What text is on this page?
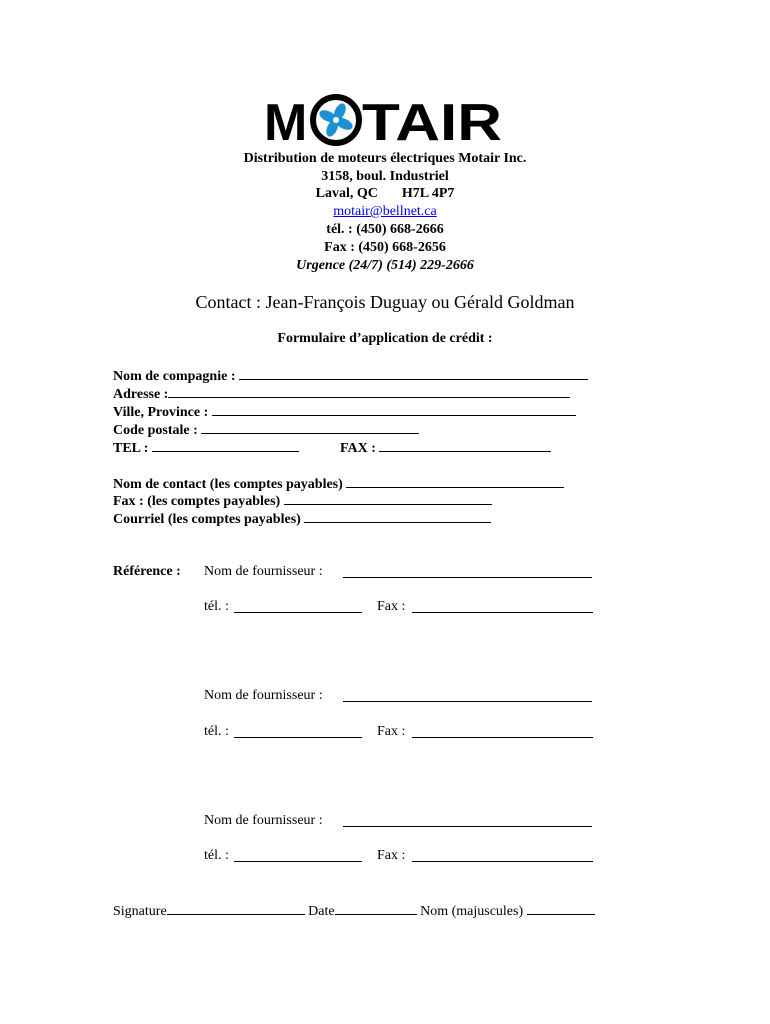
M TAIR
Distribution de moteurs électriques Motair Inc.
3158, boul. Industriel
Laval, QC H7L 4P7
motair@bellnet.ca
tél. : (450) 668-2666
Fax : (450) 668-2656
Urgence (24/7) (514) 229-2666
Contact : Jean-François Duguay ou Gérald Goldman
Formulaire d’application de crédit :
Nom de compagnie :
Adresse :
Ville, Province :
Code postale :
TEL :	FAX :
Nom de contact (les comptes payables)
Fax : (les comptes payables)
Courriel (les comptes payables)
Référence : Nom de fournisseur :
tél. :	Fax :
Nom de fournisseur :
tél. :	Fax :
Nom de fournisseur :
tél. :	Fax :
Signature	Date	Nom (majuscules)
